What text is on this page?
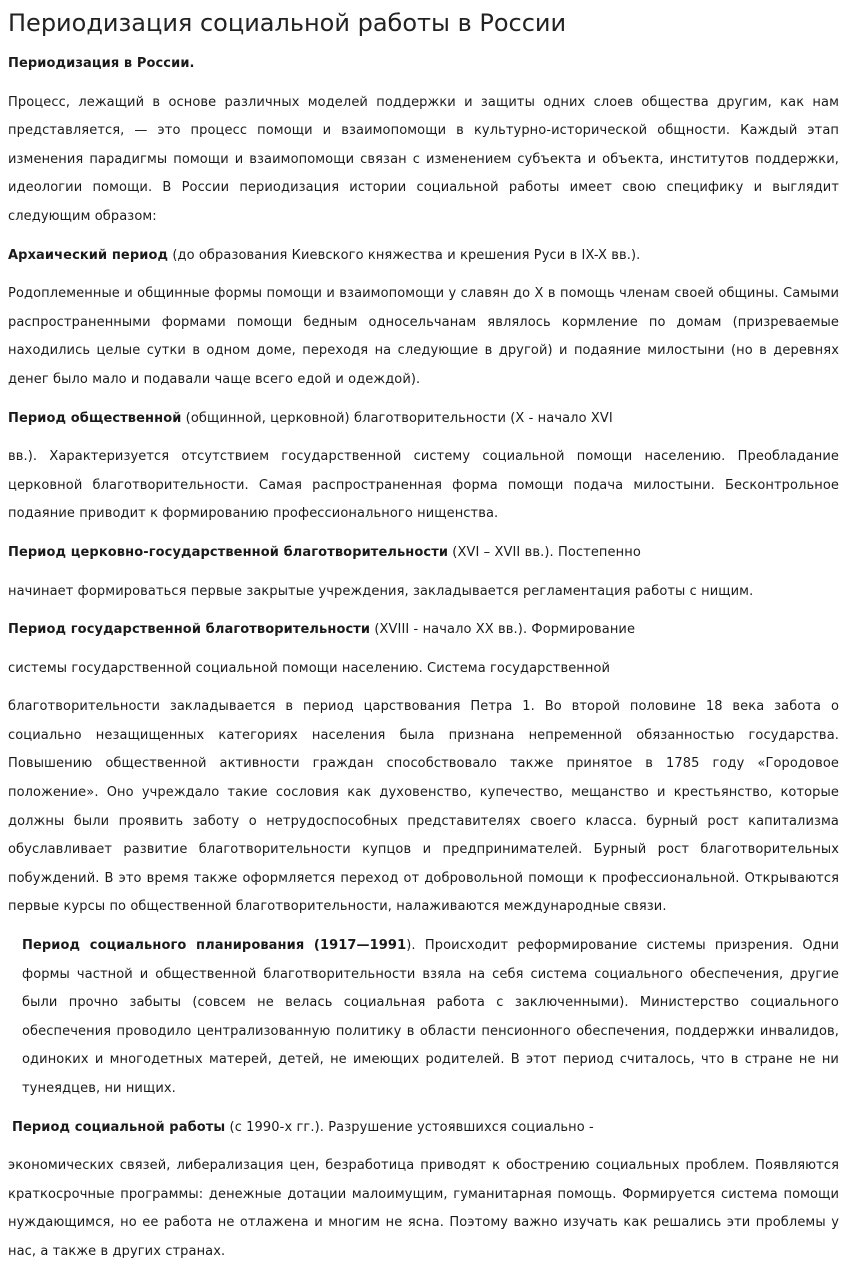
Периодизация социальной работы в России

Периодизация в России.

Процесс, лежащий в основе различных моделей поддержки и защиты одних слоев общества другим, как нам представляется, — это процесс помощи и взаимопомощи в культурно-исторической общности. Каждый этап изменения парадигмы помощи и взаимопомощи связан с изменением субъекта и объекта, институтов поддержки, идеологии помощи. В России периодизация истории социальной работы имеет свою специфику и выглядит следующим образом:

Архаический период (до образования Киевского княжества и крешения Руси в IX-X вв.).

Родоплеменные и общинные формы помощи и взаимопомощи у славян до X в помощь членам своей общины. Самыми распространенными формами помощи бедным односельчанам являлось кормление по домам (призреваемые находились целые сутки в одном доме, переходя на следующие в другой) и подаяние милостыни (но в деревнях денег было мало и подавали чаще всего едой и одеждой).

Период общественной (общинной, церковной) благотворительности (X - начало XVI

вв.). Характеризуется отсутствием государственной систему социальной помощи населению. Преобладание церковной благотворительности. Самая распространенная форма помощи подача милостыни. Бесконтрольное подаяние приводит к формированию профессионального нищенства.

Период церковно-государственной благотворительности (XVI – XVII вв.). Постепенно

начинает формироваться первые закрытые учреждения, закладывается регламентация работы с нищим.

Период государственной благотворительности (XVIII - начало XX вв.). Формирование

системы государственной социальной помощи населению. Система государственной

благотворительности закладывается в период царствования Петра 1. Во второй половине 18 века забота о социально незащищенных категориях населения была признана непременной обязанностью государства. Повышению общественной активности граждан способствовало также принятое в 1785 году «Городовое положение». Оно учреждало такие сословия как духовенство, купечество, мещанство и крестьянство, которые должны были проявить заботу о нетрудоспособных представителях своего класса. бурный рост капитализма обуславливает развитие благотворительности купцов и предпринимателей. Бурный рост благотворительных побуждений. В это время также оформляется переход от добровольной помощи к профессиональной. Открываются первые курсы по общественной благотворительности, налаживаются международные связи.

Период социального планирования (1917—1991). Происходит реформирование системы призрения. Одни формы частной и общественной благотворительности взяла на себя система социального обеспечения, другие были прочно забыты (совсем не велась социальная работа с заключенными). Министерство социального обеспечения проводило централизованную политику в области пенсионного обеспечения, поддержки инвалидов, одиноких и многодетных матерей, детей, не имеющих родителей. В этот период считалось, что в стране не ни тунеядцев, ни нищих.

Период социальной работы (с 1990-х гг.). Разрушение устоявшихся социально -

экономических связей, либерализация цен, безработица приводят к обострению социальных проблем. Появляются краткосрочные программы: денежные дотации малоимущим, гуманитарная помощь. Формируется система помощи нуждающимся, но ее работа не отлажена и многим не ясна. Поэтому важно изучать как решались эти проблемы у нас, а также в других странах.
